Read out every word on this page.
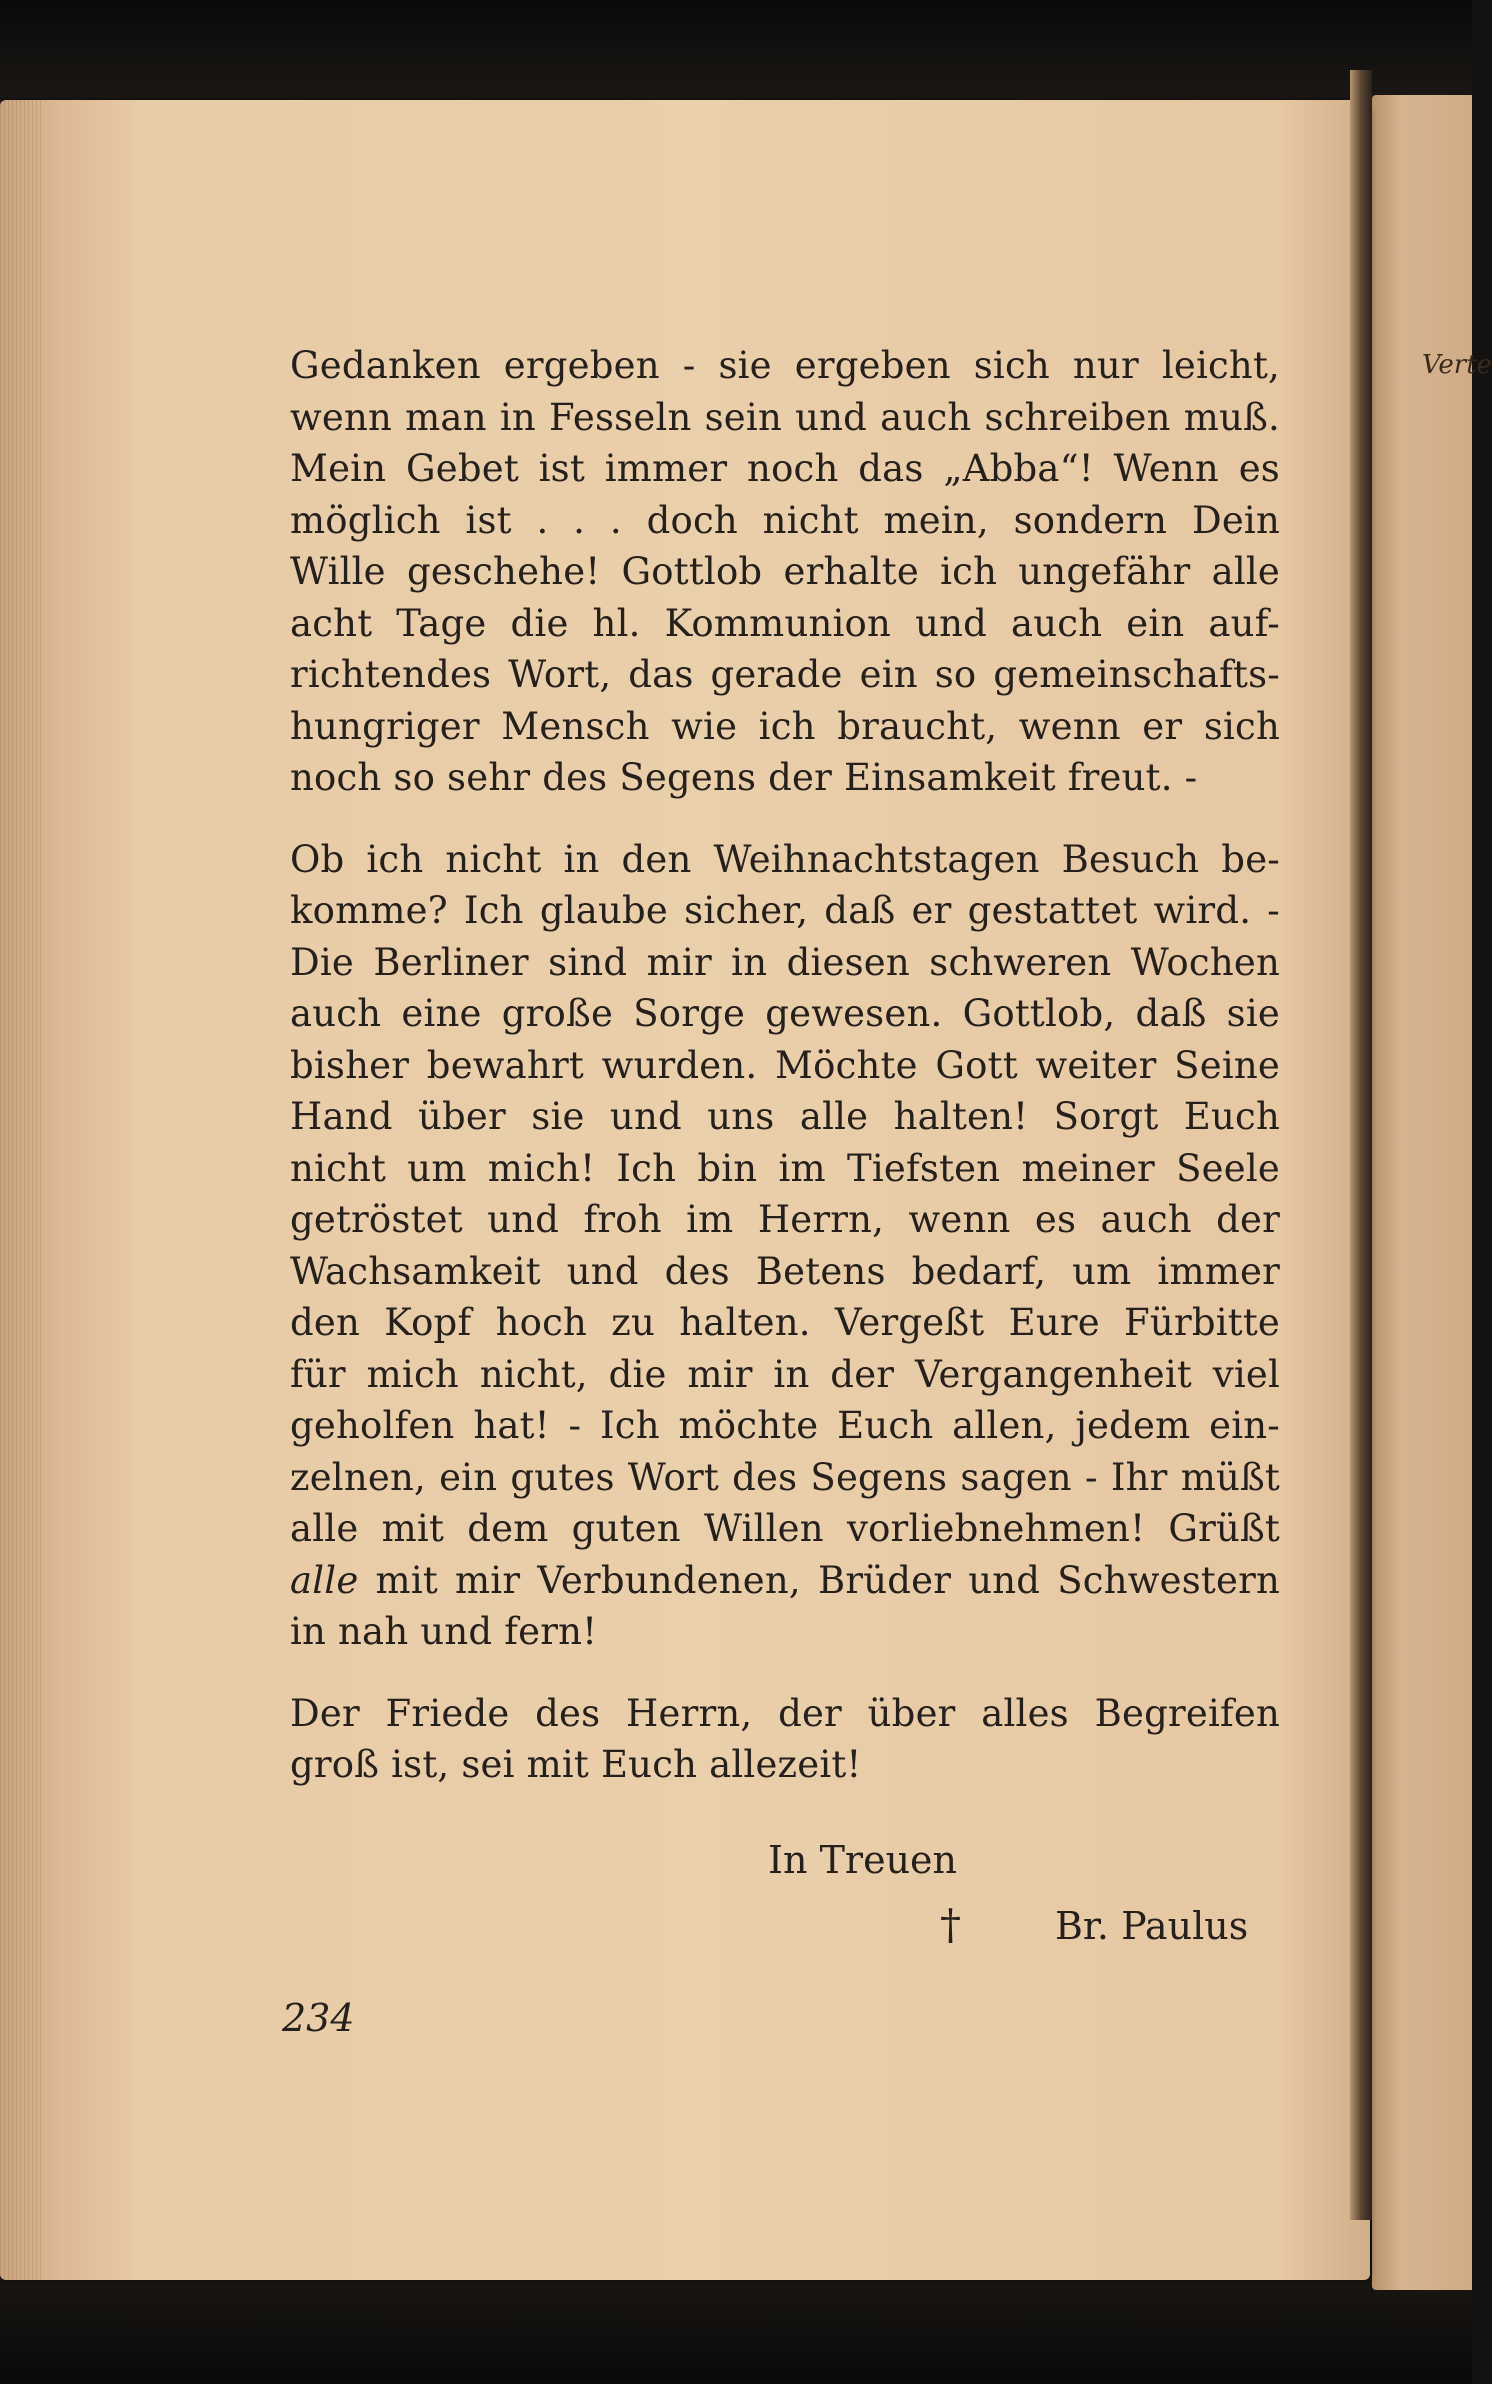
Verte
Gedanken ergeben - sie ergeben sich nur leicht,
wenn man in Fesseln sein und auch schreiben muß.
Mein Gebet ist immer noch das „Abba“! Wenn es
möglich ist . . . doch nicht mein, sondern Dein
Wille geschehe! Gottlob erhalte ich ungefähr alle
acht Tage die hl. Kommunion und auch ein auf-
richtendes Wort, das gerade ein so gemeinschafts-
hungriger Mensch wie ich braucht, wenn er sich
noch so sehr des Segens der Einsamkeit freut. -
Ob ich nicht in den Weihnachtstagen Besuch be-
komme? Ich glaube sicher, daß er gestattet wird. -
Die Berliner sind mir in diesen schweren Wochen
auch eine große Sorge gewesen. Gottlob, daß sie
bisher bewahrt wurden. Möchte Gott weiter Seine
Hand über sie und uns alle halten! Sorgt Euch
nicht um mich! Ich bin im Tiefsten meiner Seele
getröstet und froh im Herrn, wenn es auch der
Wachsamkeit und des Betens bedarf, um immer
den Kopf hoch zu halten. Vergeßt Eure Fürbitte
für mich nicht, die mir in der Vergangenheit viel
geholfen hat! - Ich möchte Euch allen, jedem ein-
zelnen, ein gutes Wort des Segens sagen - Ihr müßt
alle mit dem guten Willen vorliebnehmen! Grüßt
alle mit mir Verbundenen, Brüder und Schwestern
in nah und fern!
Der Friede des Herrn, der über alles Begreifen
groß ist, sei mit Euch allezeit!
In Treuen
† Br. Paulus
234
